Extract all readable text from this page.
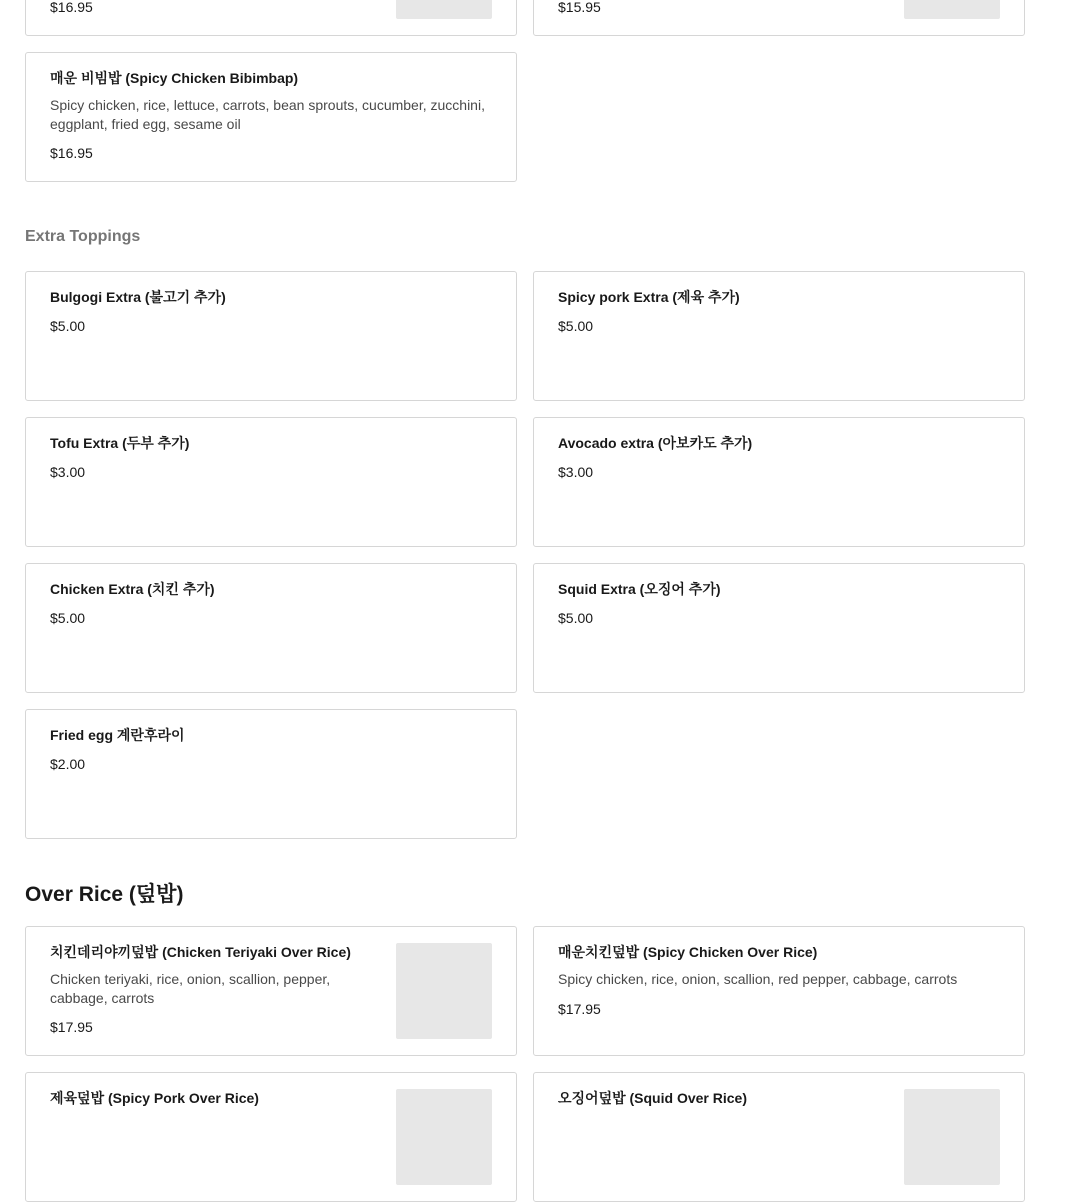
$16.95	$15.95

매운 비빔밥 (Spicy Chicken Bibimbap)

Spicy chicken, rice, lettuce, carrots, bean sprouts, cucumber, zucchini, eggplant, fried egg, sesame oil

$16.95

Extra Toppings

Bulgogi Extra (불고기 추가)

$5.00

Spicy pork Extra (제육 추가)

$5.00

Tofu Extra (두부 추가)

$3.00

Avocado extra (아보카도 추가)

$3.00

Chicken Extra (치킨 추가)

$5.00

Squid Extra (오징어 추가)

$5.00

Fried egg 계란후라이

$2.00

Over Rice (덮밥)

치킨데리야끼덮밥 (Chicken Teriyaki Over Rice)

Chicken teriyaki, rice, onion, scallion, pepper, cabbage, carrots

$17.95

매운치킨덮밥 (Spicy Chicken Over Rice)

Spicy chicken, rice, onion, scallion, red pepper, cabbage, carrots

$17.95

제육덮밥 (Spicy Pork Over Rice)	오징어덮밥 (Squid Over Rice)
